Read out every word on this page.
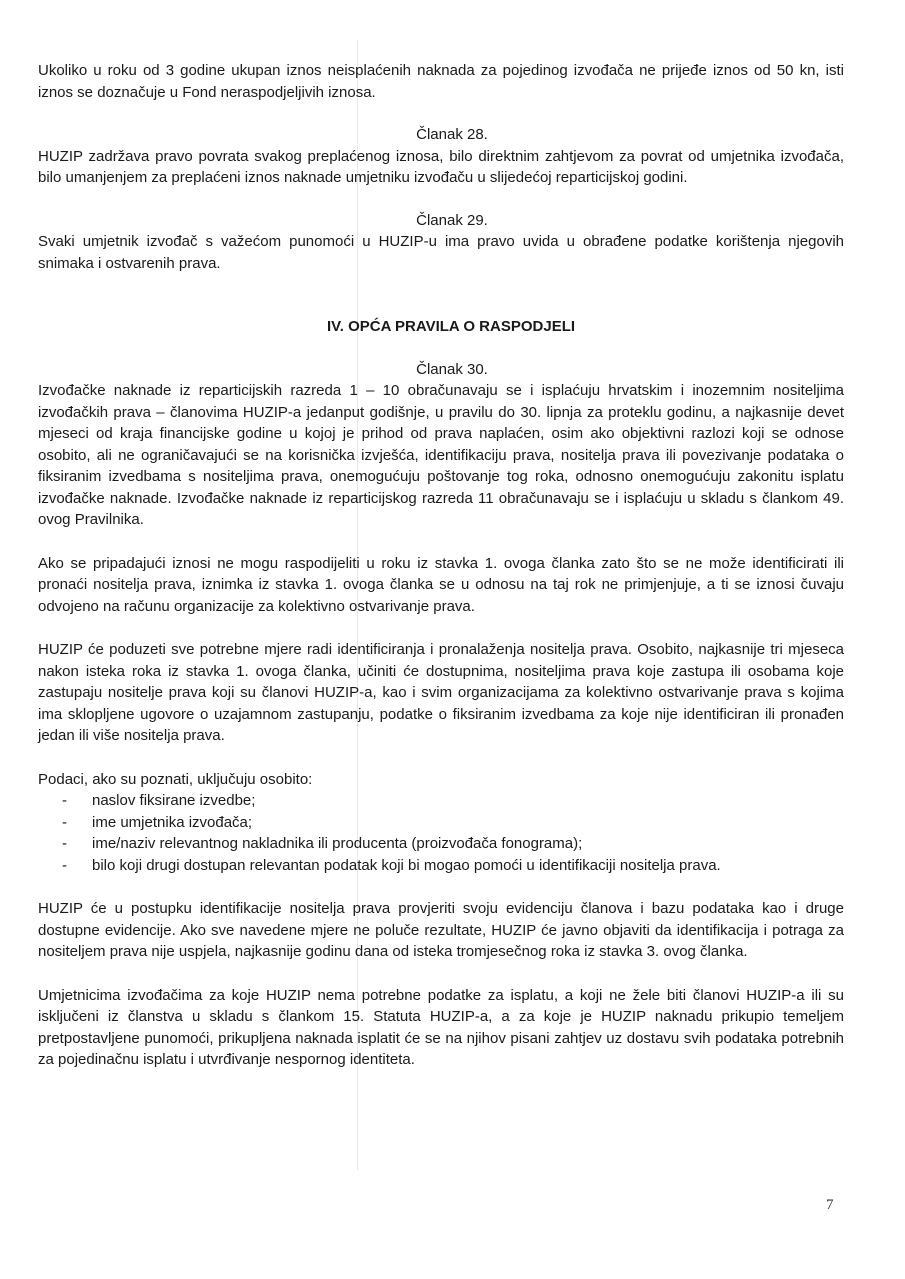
Ukoliko u roku od 3 godine ukupan iznos neisplaćenih naknada za pojedinog izvođača ne prijeđe iznos od 50 kn, isti iznos se doznačuje u Fond neraspodjeljivih iznosa.

Članak 28.

HUZIP zadržava pravo povrata svakog preplaćenog iznosa, bilo direktnim zahtjevom za povrat od umjetnika izvođača, bilo umanjenjem za preplaćeni iznos naknade umjetniku izvođaču u slijedećoj reparticijskoj godini.

Članak 29.

Svaki umjetnik izvođač s važećom punomoći u HUZIP-u ima pravo uvida u obrađene podatke korištenja njegovih snimaka i ostvarenih prava.

IV. OPĆA PRAVILA O RASPODJELI

Članak 30.

Izvođačke naknade iz reparticijskih razreda 1 – 10 obračunavaju se i isplaćuju hrvatskim i inozemnim nositeljima izvođačkih prava – članovima HUZIP-a jedanput godišnje, u pravilu do 30. lipnja za proteklu godinu, a najkasnije devet mjeseci od kraja financijske godine u kojoj je prihod od prava naplaćen, osim ako objektivni razlozi koji se odnose osobito, ali ne ograničavajući se na korisnička izvješća, identifikaciju prava, nositelja prava ili povezivanje podataka o fiksiranim izvedbama s nositeljima prava, onemogućuju poštovanje tog roka, odnosno onemogućuju zakonitu isplatu izvođačke naknade. Izvođačke naknade iz reparticijskog razreda 11 obračunavaju se i isplaćuju u skladu s člankom 49. ovog Pravilnika.

Ako se pripadajući iznosi ne mogu raspodijeliti u roku iz stavka 1. ovoga članka zato što se ne može identificirati ili pronaći nositelja prava, iznimka iz stavka 1. ovoga članka se u odnosu na taj rok ne primjenjuje, a ti se iznosi čuvaju odvojeno na računu organizacije za kolektivno ostvarivanje prava.

HUZIP će poduzeti sve potrebne mjere radi identificiranja i pronalaženja nositelja prava. Osobito, najkasnije tri mjeseca nakon isteka roka iz stavka 1. ovoga članka, učiniti će dostupnima, nositeljima prava koje zastupa ili osobama koje zastupaju nositelje prava koji su članovi HUZIP-a, kao i svim organizacijama za kolektivno ostvarivanje prava s kojima ima sklopljene ugovore o uzajamnom zastupanju, podatke o fiksiranim izvedbama za koje nije identificiran ili pronađen jedan ili više nositelja prava.

Podaci, ako su poznati, uključuju osobito:

- naslov fiksirane izvedbe;
- ime umjetnika izvođača;
- ime/naziv relevantnog nakladnika ili producenta (proizvođača fonograma);
- bilo koji drugi dostupan relevantan podatak koji bi mogao pomoći u identifikaciji nositelja prava.

HUZIP će u postupku identifikacije nositelja prava provjeriti svoju evidenciju članova i bazu podataka kao i druge dostupne evidencije. Ako sve navedene mjere ne poluče rezultate, HUZIP će javno objaviti da identifikacija i potraga za nositeljem prava nije uspjela, najkasnije godinu dana od isteka tromjesečnog roka iz stavka 3. ovog članka.

Umjetnicima izvođačima za koje HUZIP nema potrebne podatke za isplatu, a koji ne žele biti članovi HUZIP-a ili su isključeni iz članstva u skladu s člankom 15. Statuta HUZIP-a, a za koje je HUZIP naknadu prikupio temeljem pretpostavljene punomoći, prikupljena naknada isplatit će se na njihov pisani zahtjev uz dostavu svih podataka potrebnih za pojedinačnu isplatu i utvrđivanje nespornog identiteta.

7
